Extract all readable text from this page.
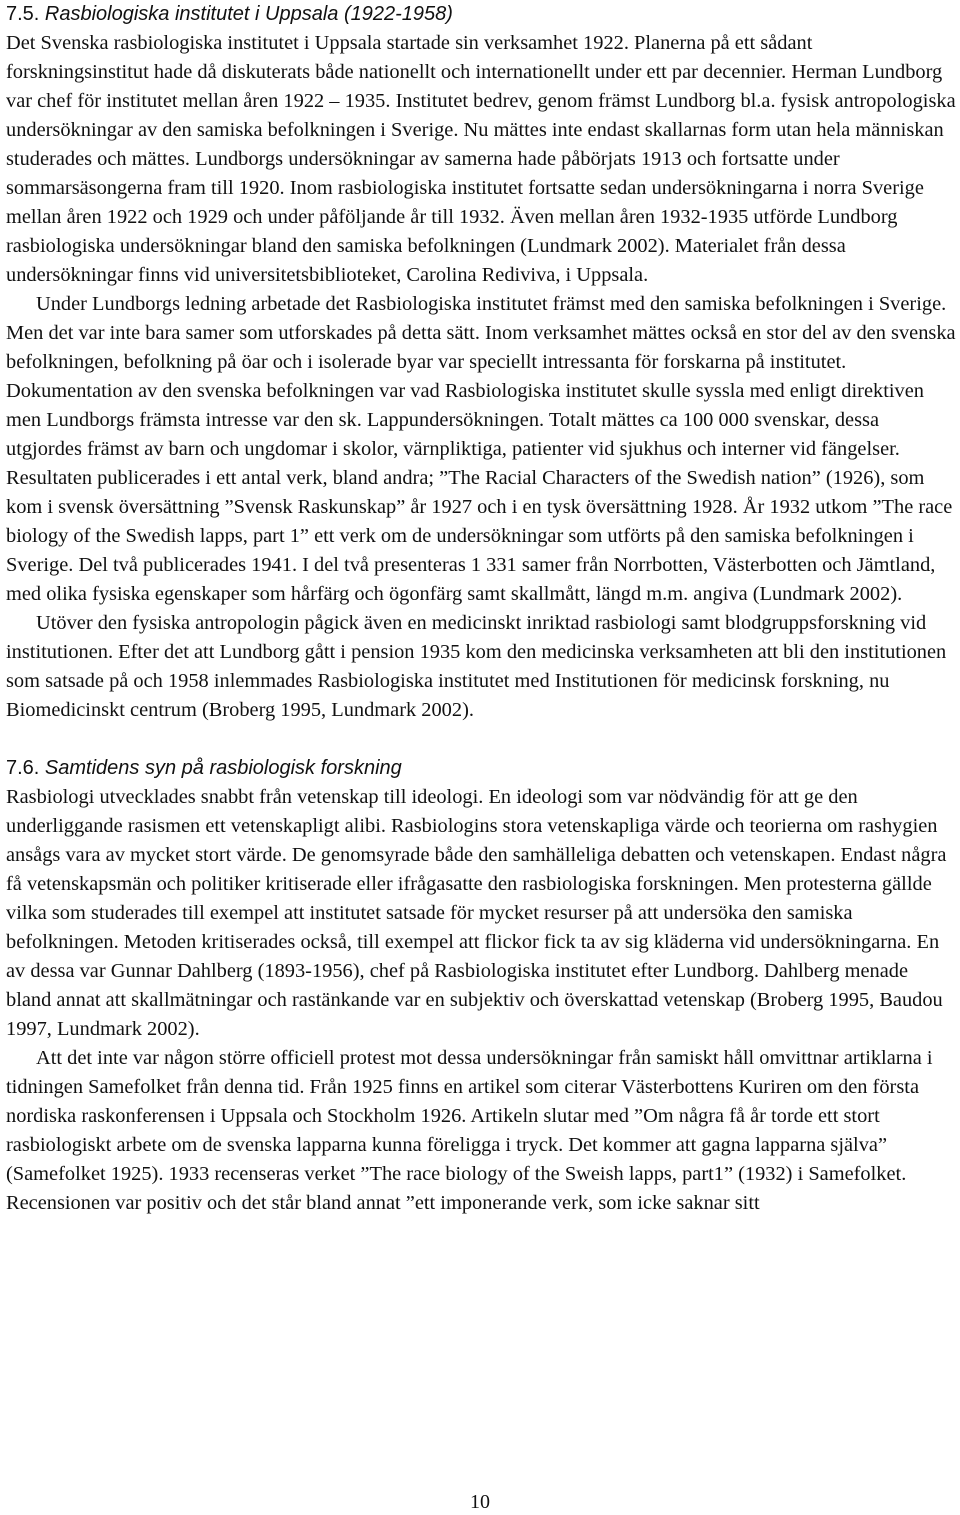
7.5. Rasbiologiska institutet i Uppsala (1922-1958)

Det Svenska rasbiologiska institutet i Uppsala startade sin verksamhet 1922. Planerna på ett sådant forskningsinstitut hade då diskuterats både nationellt och internationellt under ett par decennier. Herman Lundborg var chef för institutet mellan åren 1922 – 1935. Institutet bedrev, genom främst Lundborg bl.a. fysisk antropologiska undersökningar av den samiska befolkningen i Sverige. Nu mättes inte endast skallarnas form utan hela människan studerades och mättes. Lundborgs undersökningar av samerna hade påbörjats 1913 och fortsatte under sommarsäsongerna fram till 1920. Inom rasbiologiska institutet fortsatte sedan undersökningarna i norra Sverige mellan åren 1922 och 1929 och under påföljande år till 1932. Även mellan åren 1932-1935 utförde Lundborg rasbiologiska undersökningar bland den samiska befolkningen (Lundmark 2002). Materialet från dessa undersökningar finns vid universitetsbiblioteket, Carolina Rediviva, i Uppsala.

Under Lundborgs ledning arbetade det Rasbiologiska institutet främst med den samiska befolkningen i Sverige. Men det var inte bara samer som utforskades på detta sätt. Inom verksamhet mättes också en stor del av den svenska befolkningen, befolkning på öar och i isolerade byar var speciellt intressanta för forskarna på institutet. Dokumentation av den svenska befolkningen var vad Rasbiologiska institutet skulle syssla med enligt direktiven men Lundborgs främsta intresse var den sk. Lappundersökningen. Totalt mättes ca 100 000 svenskar, dessa utgjordes främst av barn och ungdomar i skolor, värnpliktiga, patienter vid sjukhus och interner vid fängelser. Resultaten publicerades i ett antal verk, bland andra; ”The Racial Characters of the Swedish nation” (1926), som kom i svensk översättning ”Svensk Raskunskap” år 1927 och i en tysk översättning 1928. År 1932 utkom ”The race biology of the Swedish lapps, part 1” ett verk om de undersökningar som utförts på den samiska befolkningen i Sverige. Del två publicerades 1941. I del två presenteras 1 331 samer från Norrbotten, Västerbotten och Jämtland, med olika fysiska egenskaper som hårfärg och ögonfärg samt skallmått, längd m.m. angiva (Lundmark 2002).

Utöver den fysiska antropologin pågick även en medicinskt inriktad rasbiologi samt blodgruppsforskning vid institutionen. Efter det att Lundborg gått i pension 1935 kom den medicinska verksamheten att bli den institutionen som satsade på och 1958 inlemmades Rasbiologiska institutet med Institutionen för medicinsk forskning, nu Biomedicinskt centrum (Broberg 1995, Lundmark 2002).

7.6. Samtidens syn på rasbiologisk forskning

Rasbiologi utvecklades snabbt från vetenskap till ideologi. En ideologi som var nödvändig för att ge den underliggande rasismen ett vetenskapligt alibi. Rasbiologins stora vetenskapliga värde och teorierna om rashygien ansågs vara av mycket stort värde. De genomsyrade både den samhälleliga debatten och vetenskapen. Endast några få vetenskapsmän och politiker kritiserade eller ifrågasatte den rasbiologiska forskningen. Men protesterna gällde vilka som studerades till exempel att institutet satsade för mycket resurser på att undersöka den samiska befolkningen. Metoden kritiserades också, till exempel att flickor fick ta av sig kläderna vid undersökningarna. En av dessa var Gunnar Dahlberg (1893-1956), chef på Rasbiologiska institutet efter Lundborg. Dahlberg menade bland annat att skallmätningar och rastänkande var en subjektiv och överskattad vetenskap (Broberg 1995, Baudou 1997, Lundmark 2002).

Att det inte var någon större officiell protest mot dessa undersökningar från samiskt håll omvittnar artiklarna i tidningen Samefolket från denna tid. Från 1925 finns en artikel som citerar Västerbottens Kuriren om den första nordiska raskonferensen i Uppsala och Stockholm 1926. Artikeln slutar med ”Om några få år torde ett stort rasbiologiskt arbete om de svenska lapparna kunna föreligga i tryck. Det kommer att gagna lapparna själva” (Samefolket 1925). 1933 recenseras verket ”The race biology of the Sweish lapps, part1” (1932) i Samefolket. Recensionen var positiv och det står bland annat ”ett imponerande verk, som icke saknar sitt

10
